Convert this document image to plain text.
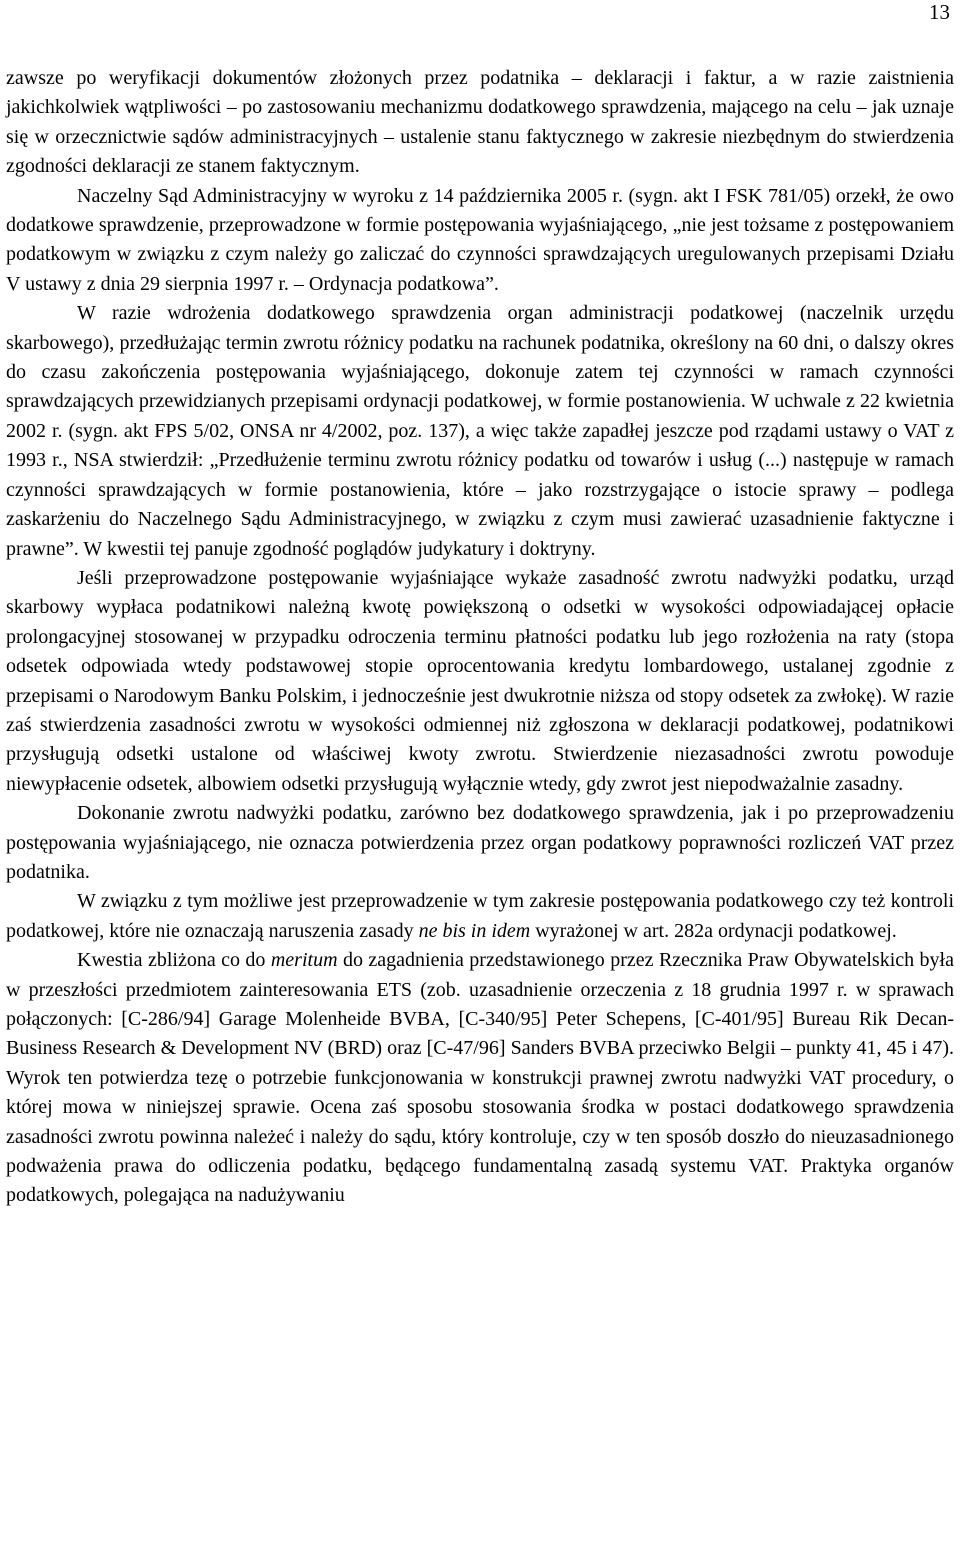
13

zawsze po weryfikacji dokumentów złożonych przez podatnika – deklaracji i faktur, a w razie zaistnienia jakichkolwiek wątpliwości – po zastosowaniu mechanizmu dodatkowego sprawdzenia, mającego na celu – jak uznaje się w orzecznictwie sądów administracyjnych – ustalenie stanu faktycznego w zakresie niezbędnym do stwierdzenia zgodności deklaracji ze stanem faktycznym.

Naczelny Sąd Administracyjny w wyroku z 14 października 2005 r. (sygn. akt I FSK 781/05) orzekł, że owo dodatkowe sprawdzenie, przeprowadzone w formie postępowania wyjaśniającego, „nie jest tożsame z postępowaniem podatkowym w związku z czym należy go zaliczać do czynności sprawdzających uregulowanych przepisami Działu V ustawy z dnia 29 sierpnia 1997 r. – Ordynacja podatkowa”.

W razie wdrożenia dodatkowego sprawdzenia organ administracji podatkowej (naczelnik urzędu skarbowego), przedłużając termin zwrotu różnicy podatku na rachunek podatnika, określony na 60 dni, o dalszy okres do czasu zakończenia postępowania wyjaśniającego, dokonuje zatem tej czynności w ramach czynności sprawdzających przewidzianych przepisami ordynacji podatkowej, w formie postanowienia. W uchwale z 22 kwietnia 2002 r. (sygn. akt FPS 5/02, ONSA nr 4/2002, poz. 137), a więc także zapadłej jeszcze pod rządami ustawy o VAT z 1993 r., NSA stwierdził: „Przedłużenie terminu zwrotu różnicy podatku od towarów i usług (...) następuje w ramach czynności sprawdzających w formie postanowienia, które – jako rozstrzygające o istocie sprawy – podlega zaskarżeniu do Naczelnego Sądu Administracyjnego, w związku z czym musi zawierać uzasadnienie faktyczne i prawne”. W kwestii tej panuje zgodność poglądów judykatury i doktryny.

Jeśli przeprowadzone postępowanie wyjaśniające wykaże zasadność zwrotu nadwyżki podatku, urząd skarbowy wypłaca podatnikowi należną kwotę powiększoną o odsetki w wysokości odpowiadającej opłacie prolongacyjnej stosowanej w przypadku odroczenia terminu płatności podatku lub jego rozłożenia na raty (stopa odsetek odpowiada wtedy podstawowej stopie oprocentowania kredytu lombardowego, ustalanej zgodnie z przepisami o Narodowym Banku Polskim, i jednocześnie jest dwukrotnie niższa od stopy odsetek za zwłokę). W razie zaś stwierdzenia zasadności zwrotu w wysokości odmiennej niż zgłoszona w deklaracji podatkowej, podatnikowi przysługują odsetki ustalone od właściwej kwoty zwrotu. Stwierdzenie niezasadności zwrotu powoduje niewypłacenie odsetek, albowiem odsetki przysługują wyłącznie wtedy, gdy zwrot jest niepodważalnie zasadny.

Dokonanie zwrotu nadwyżki podatku, zarówno bez dodatkowego sprawdzenia, jak i po przeprowadzeniu postępowania wyjaśniającego, nie oznacza potwierdzenia przez organ podatkowy poprawności rozliczeń VAT przez podatnika.

W związku z tym możliwe jest przeprowadzenie w tym zakresie postępowania podatkowego czy też kontroli podatkowej, które nie oznaczają naruszenia zasady ne bis in idem wyrażonej w art. 282a ordynacji podatkowej.

Kwestia zbliżona co do meritum do zagadnienia przedstawionego przez Rzecznika Praw Obywatelskich była w przeszłości przedmiotem zainteresowania ETS (zob. uzasadnienie orzeczenia z 18 grudnia 1997 r. w sprawach połączonych: [C-286/94] Garage Molenheide BVBA, [C-340/95] Peter Schepens, [C-401/95] Bureau Rik Decan-Business Research & Development NV (BRD) oraz [C-47/96] Sanders BVBA przeciwko Belgii – punkty 41, 45 i 47). Wyrok ten potwierdza tezę o potrzebie funkcjonowania w konstrukcji prawnej zwrotu nadwyżki VAT procedury, o której mowa w niniejszej sprawie. Ocena zaś sposobu stosowania środka w postaci dodatkowego sprawdzenia zasadności zwrotu powinna należeć i należy do sądu, który kontroluje, czy w ten sposób doszło do nieuzasadnionego podważenia prawa do odliczenia podatku, będącego fundamentalną zasadą systemu VAT. Praktyka organów podatkowych, polegająca na nadużywaniu
